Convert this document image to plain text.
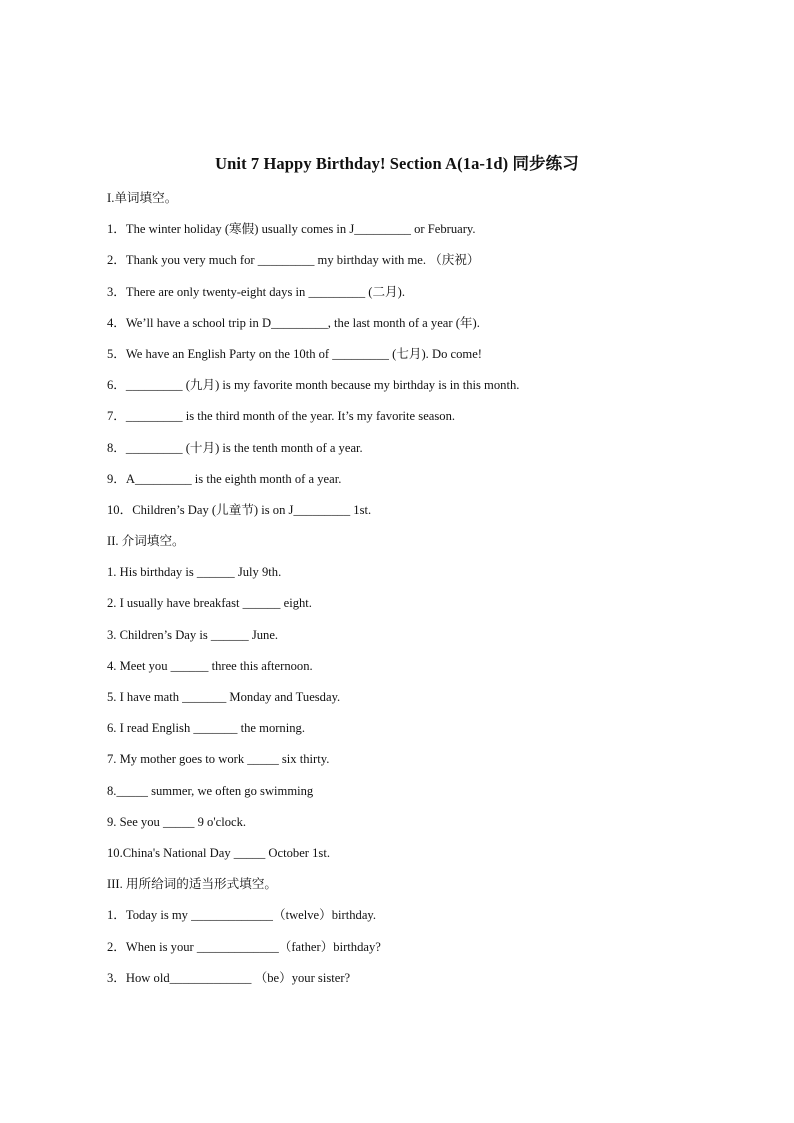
Unit 7 Happy Birthday! Section A(1a-1d) 同步练习
I.单词填空。
1．The winter holiday (寒假) usually comes in J_________ or February.
2．Thank you very much for _________ my birthday with me. （庆祝）
3．There are only twenty-eight days in _________ (二月).
4．We’ll have a school trip in D_________, the last month of a year (年).
5．We have an English Party on the 10th of _________ (七月). Do come!
6．_________ (九月) is my favorite month because my birthday is in this month.
7．_________ is the third month of the year. It’s my favorite season.
8．_________ (十月) is the tenth month of a year.
9．A_________ is the eighth month of a year.
10．Children’s Day (儿童节) is on J_________ 1st.
II. 介词填空。
1. His birthday is ______ July 9th.
2. I usually have breakfast ______ eight.
3. Children’s Day is ______ June.
4. Meet you ______ three this afternoon.
5. I have math _______ Monday and Tuesday.
6. I read English _______ the morning.
7. My mother goes to work _____ six thirty.
8._____ summer, we often go swimming
9. See you _____ 9 o'clock.
10.China's National Day _____ October 1st.
III. 用所给词的适当形式填空。
1．Today is my _____________（twelve）birthday.
2．When is your _____________（father）birthday?
3．How old_____________ （be）your sister?
